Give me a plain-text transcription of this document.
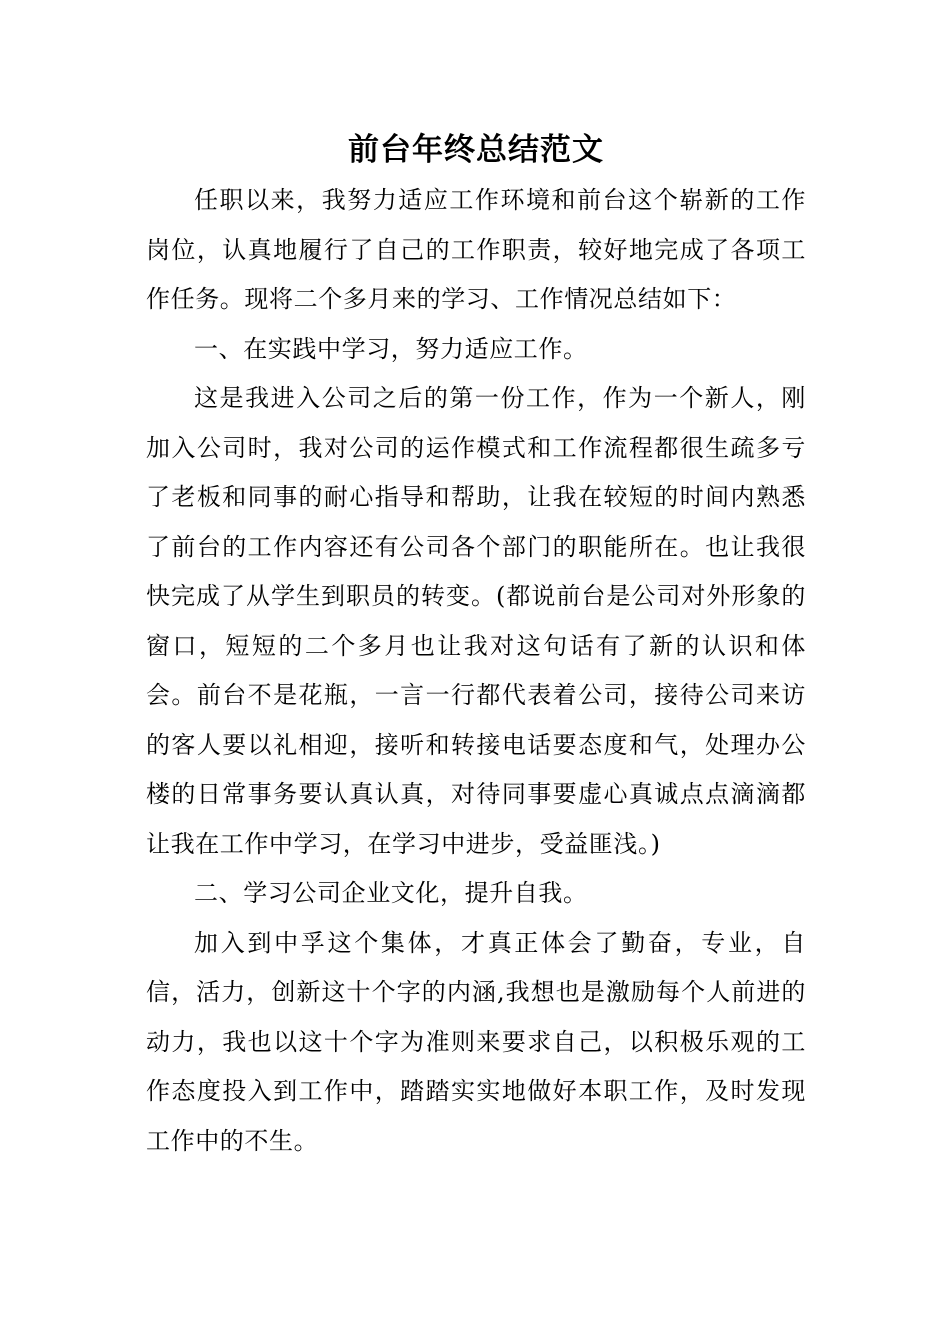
前台年终总结范文

任职以来，我努力适应工作环境和前台这个崭新的工作岗位，认真地履行了自己的工作职责，较好地完成了各项工作任务。现将二个多月来的学习、工作情况总结如下：

一、在实践中学习，努力适应工作。

这是我进入公司之后的第一份工作，作为一个新人，刚加入公司时，我对公司的运作模式和工作流程都很生疏多亏了老板和同事的耐心指导和帮助，让我在较短的时间内熟悉了前台的工作内容还有公司各个部门的职能所在。也让我很快完成了从学生到职员的转变。(都说前台是公司对外形象的窗口，短短的二个多月也让我对这句话有了新的认识和体会。前台不是花瓶，一言一行都代表着公司，接待公司来访的客人要以礼相迎，接听和转接电话要态度和气，处理办公楼的日常事务要认真认真，对待同事要虚心真诚点点滴滴都让我在工作中学习，在学习中进步，受益匪浅。)

二、学习公司企业文化，提升自我。

加入到中孚这个集体，才真正体会了勤奋，专业，自信，活力，创新这十个字的内涵,我想也是激励每个人前进的动力，我也以这十个字为准则来要求自己，以积极乐观的工作态度投入到工作中，踏踏实实地做好本职工作，及时发现工作中的不生。
